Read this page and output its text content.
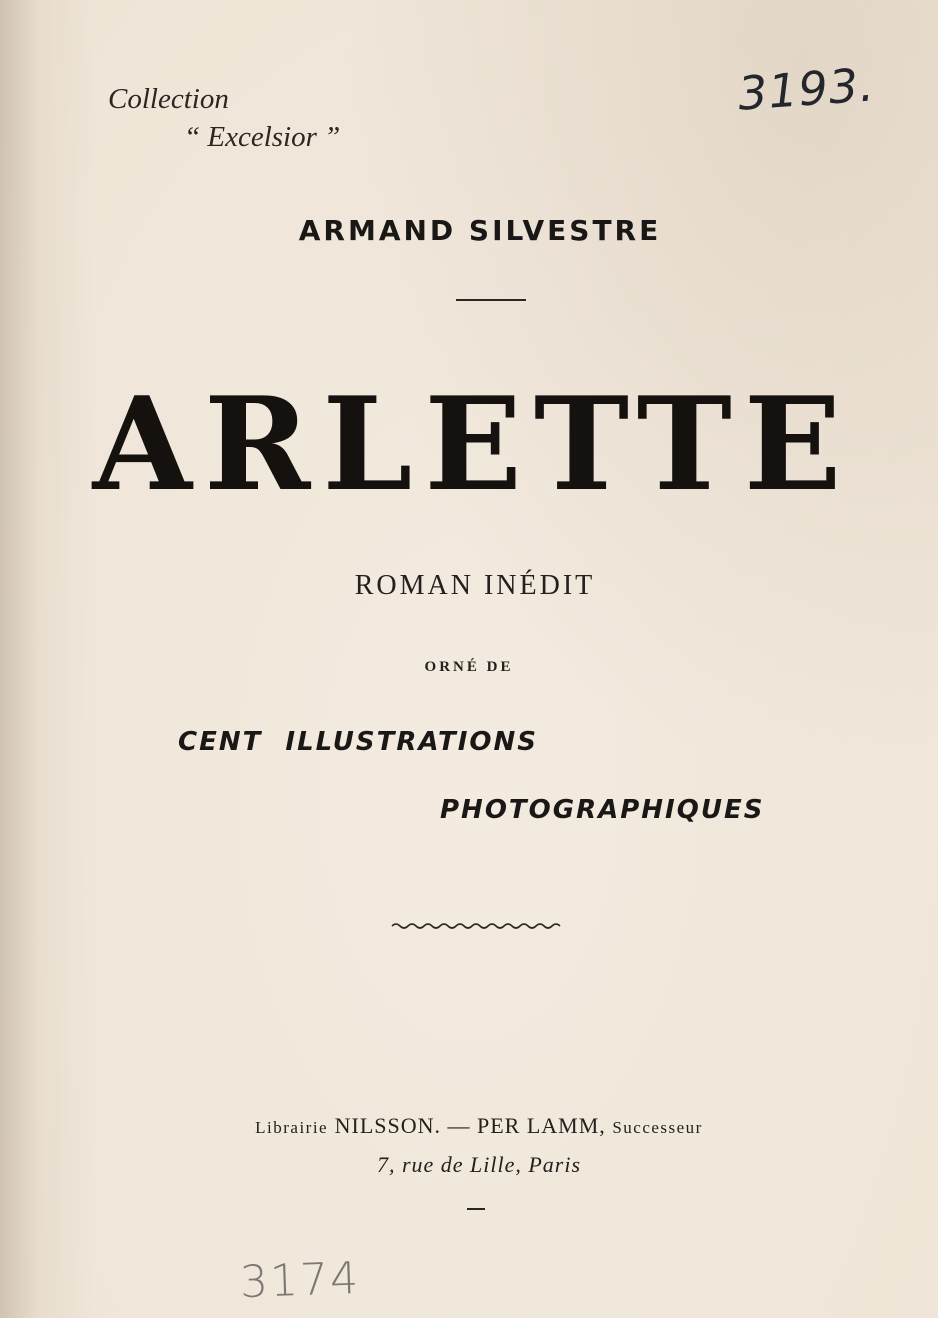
Collection
“ Excelsior ”
3193.
ARMAND SILVESTRE
ARLETTE
ROMAN INÉDIT
ORNÉ DE
CENT ILLUSTRATIONS
PHOTOGRAPHIQUES
Librairie NILSSON. — PER LAMM, Successeur
7, rue de Lille, Paris
3174
